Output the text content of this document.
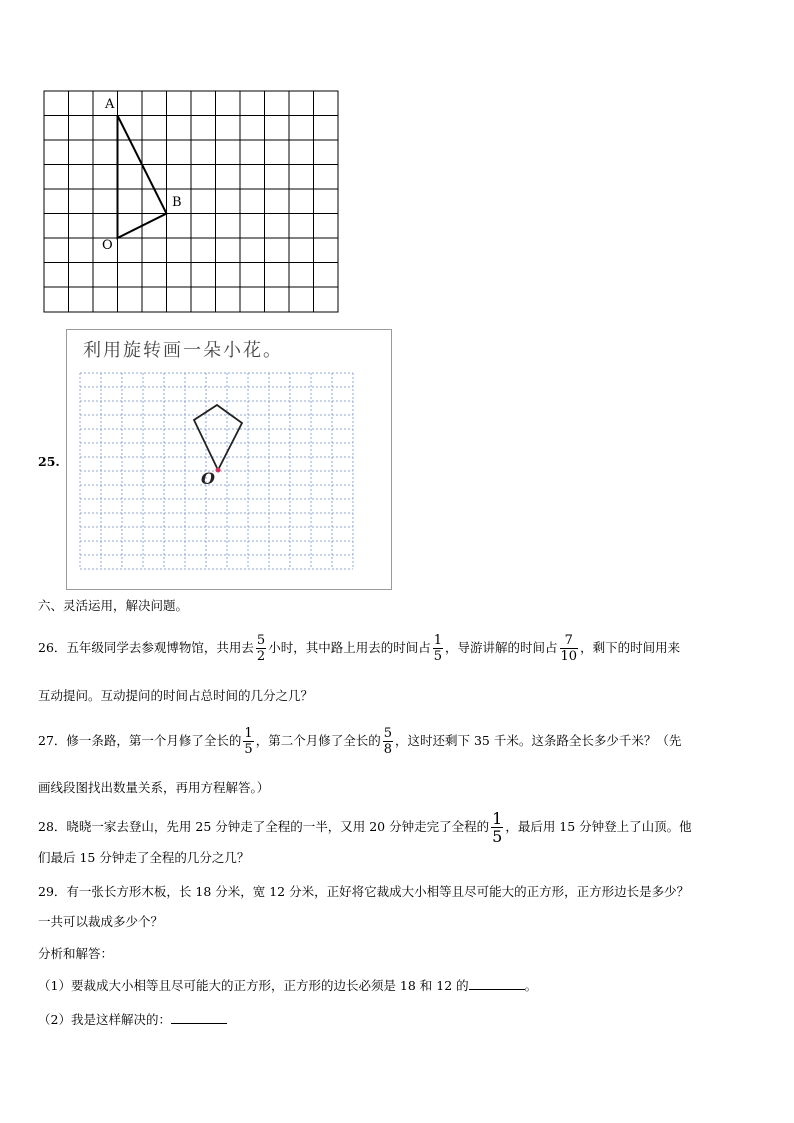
A
B
O
25.
利用旋转画一朵小花。
O
六、灵活运用，解决问题。
26．五年级同学去参观博物馆，共用去 $\frac{5}{2}$ 小时，其中路上用去的时间占 $\frac{1}{5}$ ，导游讲解的时间占 $\frac{7}{10}$ ，剩下的时间用来
互动提问。互动提问的时间占总时间的几分之几？
27．修一条路，第一个月修了全长的 $\frac{1}{5}$ ，第二个月修了全长的 $\frac{5}{8}$ ，这时还剩下 35 千米。这条路全长多少千米？（先
画线段图找出数量关系，再用方程解答。）
28．晓晓一家去登山，先用 25 分钟走了全程的一半，又用 20 分钟走完了全程的 $\frac{1}{5}$ ，最后用 15 分钟登上了山顶。他
们最后 15 分钟走了全程的几分之几？
29．有一张长方形木板，长 18 分米，宽 12 分米，正好将它裁成大小相等且尽可能大的正方形，正方形边长是多少？
一共可以裁成多少个？
分析和解答：
（1）要裁成大小相等且尽可能大的正方形，正方形的边长必须是 18 和 12 的	。
（2）我是这样解决的：
